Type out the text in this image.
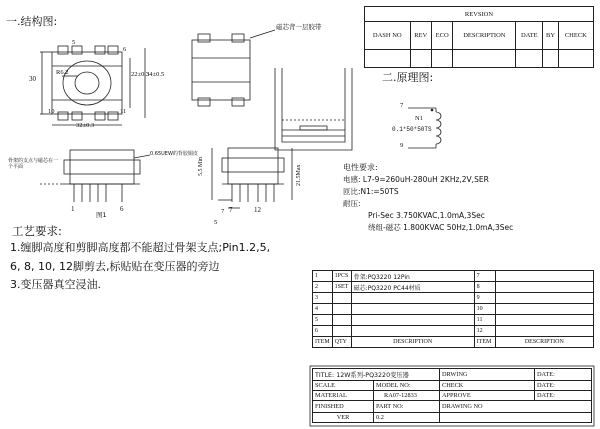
一.结构图:
30
R6.2	22±0.3
34±0.5
32±0.3
5
6
10	11
磁芯背一层胶带
0.65UEW的背胶铜皮
骨架的支点与磁芯在一个平面
图1
1	6	7	12
7
5
5.5 Min	21.5Max
REVSION						
DASH NO	REV	ECO	DESCRIPTION	DATE	BY	CHECK

二.原理图:
7
9
N1
0.1*50*50TS
电性要求:
电感: L7-9=260uH-280uH 2KHz,2V,SER
匝比:N1:=50TS
耐压:
Pri-Sec 3.750KVAC,1.0mA,3Sec
绕组-磁芯 1.800KVAC 50Hz,1.0mA,3Sec
工艺要求:
1.缠脚高度和剪脚高度都不能超过骨架支点;Pin1.2,5,
6, 8, 10, 12脚剪去,标贴贴在变压器的旁边
3.变压器真空浸油.
1	1PCS	骨架:PQ3220 12Pin	7	
2	1SET	磁芯:PQ3220 PC44材质	8	
3			9	
4			10	
5			11	
6			12	
ITEM	QTY	DESCRIPTION	ITEM	DESCRIPTION
TITLE: 12W系列-PQ3220变压器		DRWING	DATE:
SCALE	MODEL NO:	CHECK	DATE:
MATERIAL	RA07-12833	APPROVE	DATE:
FINISHED	PART NO:	DRAWING NO	
VER	0.2		
